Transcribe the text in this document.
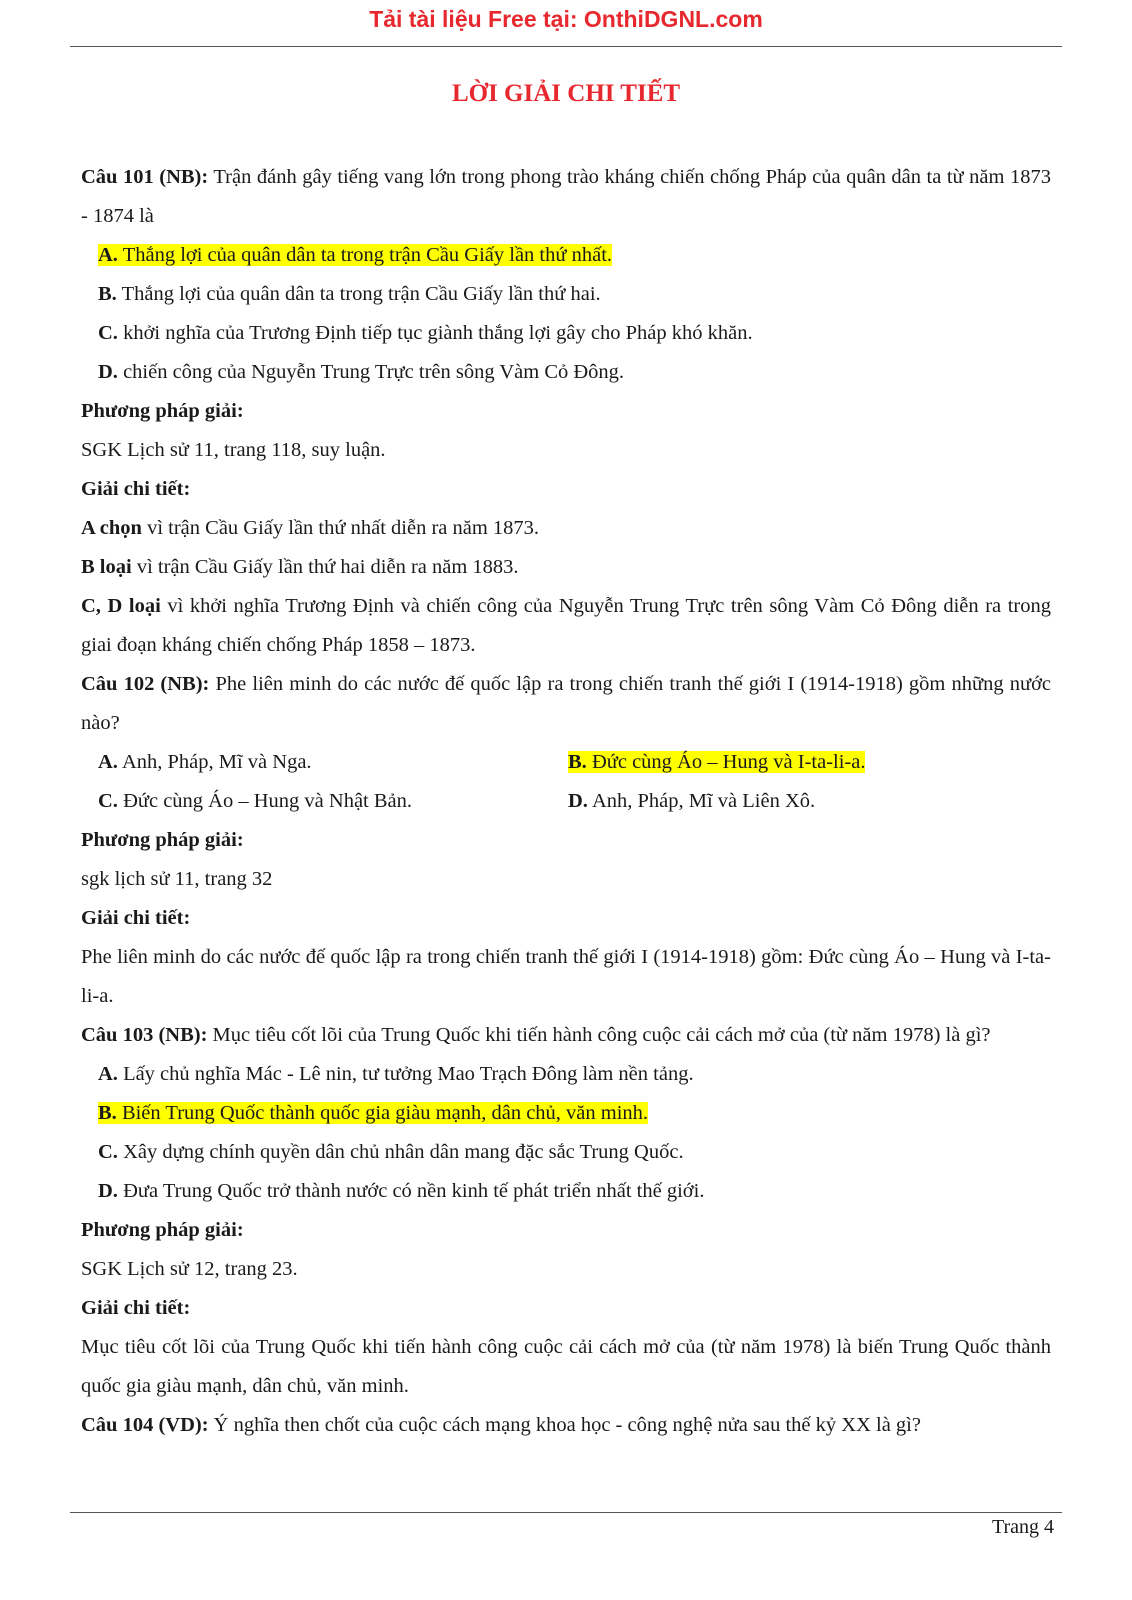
Tải tài liệu Free tại: OnthiDGNL.com
LỜI GIẢI CHI TIẾT

Câu 101 (NB): Trận đánh gây tiếng vang lớn trong phong trào kháng chiến chống Pháp của quân dân ta từ năm 1873 - 1874 là

A. Thắng lợi của quân dân ta trong trận Cầu Giấy lần thứ nhất.

B. Thắng lợi của quân dân ta trong trận Cầu Giấy lần thứ hai.

C. khởi nghĩa của Trương Định tiếp tục giành thắng lợi gây cho Pháp khó khăn.

D. chiến công của Nguyễn Trung Trực trên sông Vàm Cỏ Đông.

Phương pháp giải:

SGK Lịch sử 11, trang 118, suy luận.

Giải chi tiết:

A chọn vì trận Cầu Giấy lần thứ nhất diễn ra năm 1873.

B loại vì trận Cầu Giấy lần thứ hai diễn ra năm 1883.

C, D loại vì khởi nghĩa Trương Định và chiến công của Nguyễn Trung Trực trên sông Vàm Cỏ Đông diễn ra trong giai đoạn kháng chiến chống Pháp 1858 – 1873.

Câu 102 (NB): Phe liên minh do các nước đế quốc lập ra trong chiến tranh thế giới I (1914-1918) gồm những nước nào?

A. Anh, Pháp, Mĩ và Nga.	B. Đức cùng Áo – Hung và I-ta-li-a.
C. Đức cùng Áo – Hung và Nhật Bản.	D. Anh, Pháp, Mĩ và Liên Xô.

Phương pháp giải:

sgk lịch sử 11, trang 32

Giải chi tiết:

Phe liên minh do các nước đế quốc lập ra trong chiến tranh thế giới I (1914-1918) gồm: Đức cùng Áo – Hung và I-ta-li-a.

Câu 103 (NB): Mục tiêu cốt lõi của Trung Quốc khi tiến hành công cuộc cải cách mở của (từ năm 1978) là gì?

A. Lấy chủ nghĩa Mác - Lê nin, tư tưởng Mao Trạch Đông làm nền tảng.

B. Biến Trung Quốc thành quốc gia giàu mạnh, dân chủ, văn minh.

C. Xây dựng chính quyền dân chủ nhân dân mang đặc sắc Trung Quốc.

D. Đưa Trung Quốc trở thành nước có nền kinh tế phát triển nhất thế giới.

Phương pháp giải:

SGK Lịch sử 12, trang 23.

Giải chi tiết:

Mục tiêu cốt lõi của Trung Quốc khi tiến hành công cuộc cải cách mở của (từ năm 1978) là biến Trung Quốc thành quốc gia giàu mạnh, dân chủ, văn minh.

Câu 104 (VD): Ý nghĩa then chốt của cuộc cách mạng khoa học - công nghệ nửa sau thế kỷ XX là gì?

Trang 4
